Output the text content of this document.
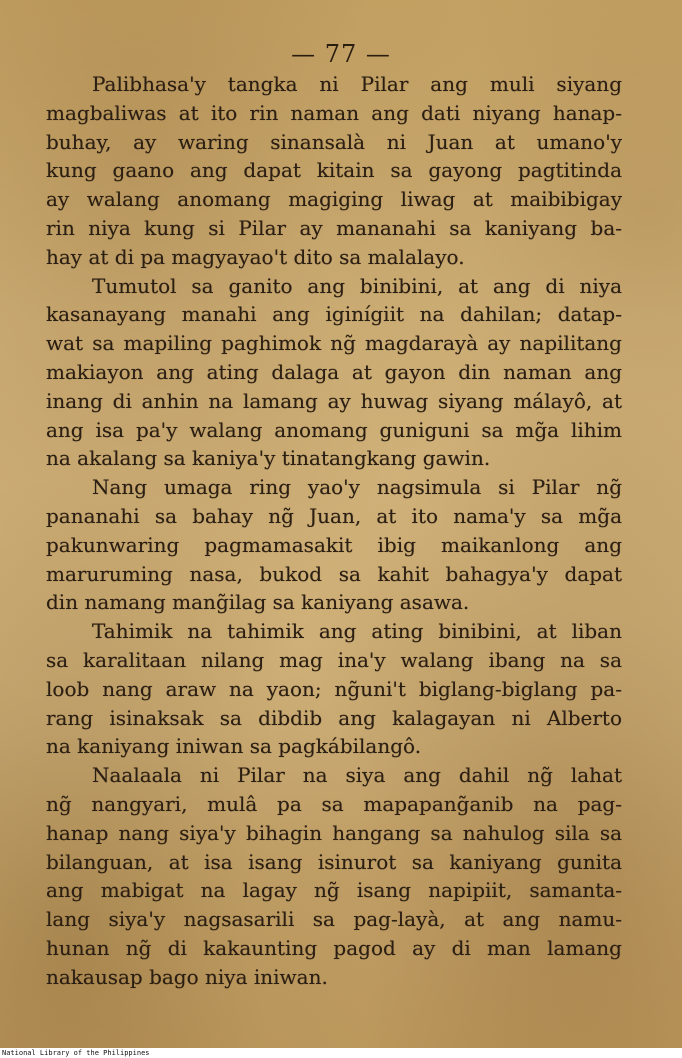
— 77 —
Palibhasa'y tangka ni Pilar ang muli siyang
magbaliwas at ito rin naman ang dati niyang hanap-
buhay, ay waring sinansalà ni Juan at umano'y
kung gaano ang dapat kitain sa gayong pagtitinda
ay walang anomang magiging liwag at maibibigay
rin niya kung si Pilar ay mananahi sa kaniyang ba-
hay at di pa magyayao't dito sa malalayo.
Tumutol sa ganito ang binibini, at ang di niya
kasanayang manahi ang iginígiit na dahilan; datap-
wat sa mapiling paghimok ng̃ magdarayà ay napilitang
makiayon ang ating dalaga at gayon din naman ang
inang di anhin na lamang ay huwag siyang málayô, at
ang isa pa'y walang anomang guniguni sa mg̃a lihim
na akalang sa kaniya'y tinatangkang gawin.
Nang umaga ring yao'y nagsimula si Pilar ng̃
pananahi sa bahay ng̃ Juan, at ito nama'y sa mg̃a
pakunwaring pagmamasakit ibig maikanlong ang
maruruming nasa, bukod sa kahit bahagya'y dapat
din namang mang̃ilag sa kaniyang asawa.
Tahimik na tahimik ang ating binibini, at liban
sa karalitaan nilang mag ina'y walang ibang na sa
loob nang araw na yaon; ng̃uni't biglang-biglang pa-
rang isinaksak sa dibdib ang kalagayan ni Alberto
na kaniyang iniwan sa pagkábilangô.
Naalaala ni Pilar na siya ang dahil ng̃ lahat
ng̃ nangyari, mulâ pa sa mapapang̃anib na pag-
hanap nang siya'y bihagin hangang sa nahulog sila sa
bilanguan, at isa isang isinurot sa kaniyang gunita
ang mabigat na lagay ng̃ isang napipiit, samanta-
lang siya'y nagsasarili sa pag-layà, at ang namu-
hunan ng̃ di kakaunting pagod ay di man lamang
nakausap bago niya iniwan.
National Library of the Philippines
